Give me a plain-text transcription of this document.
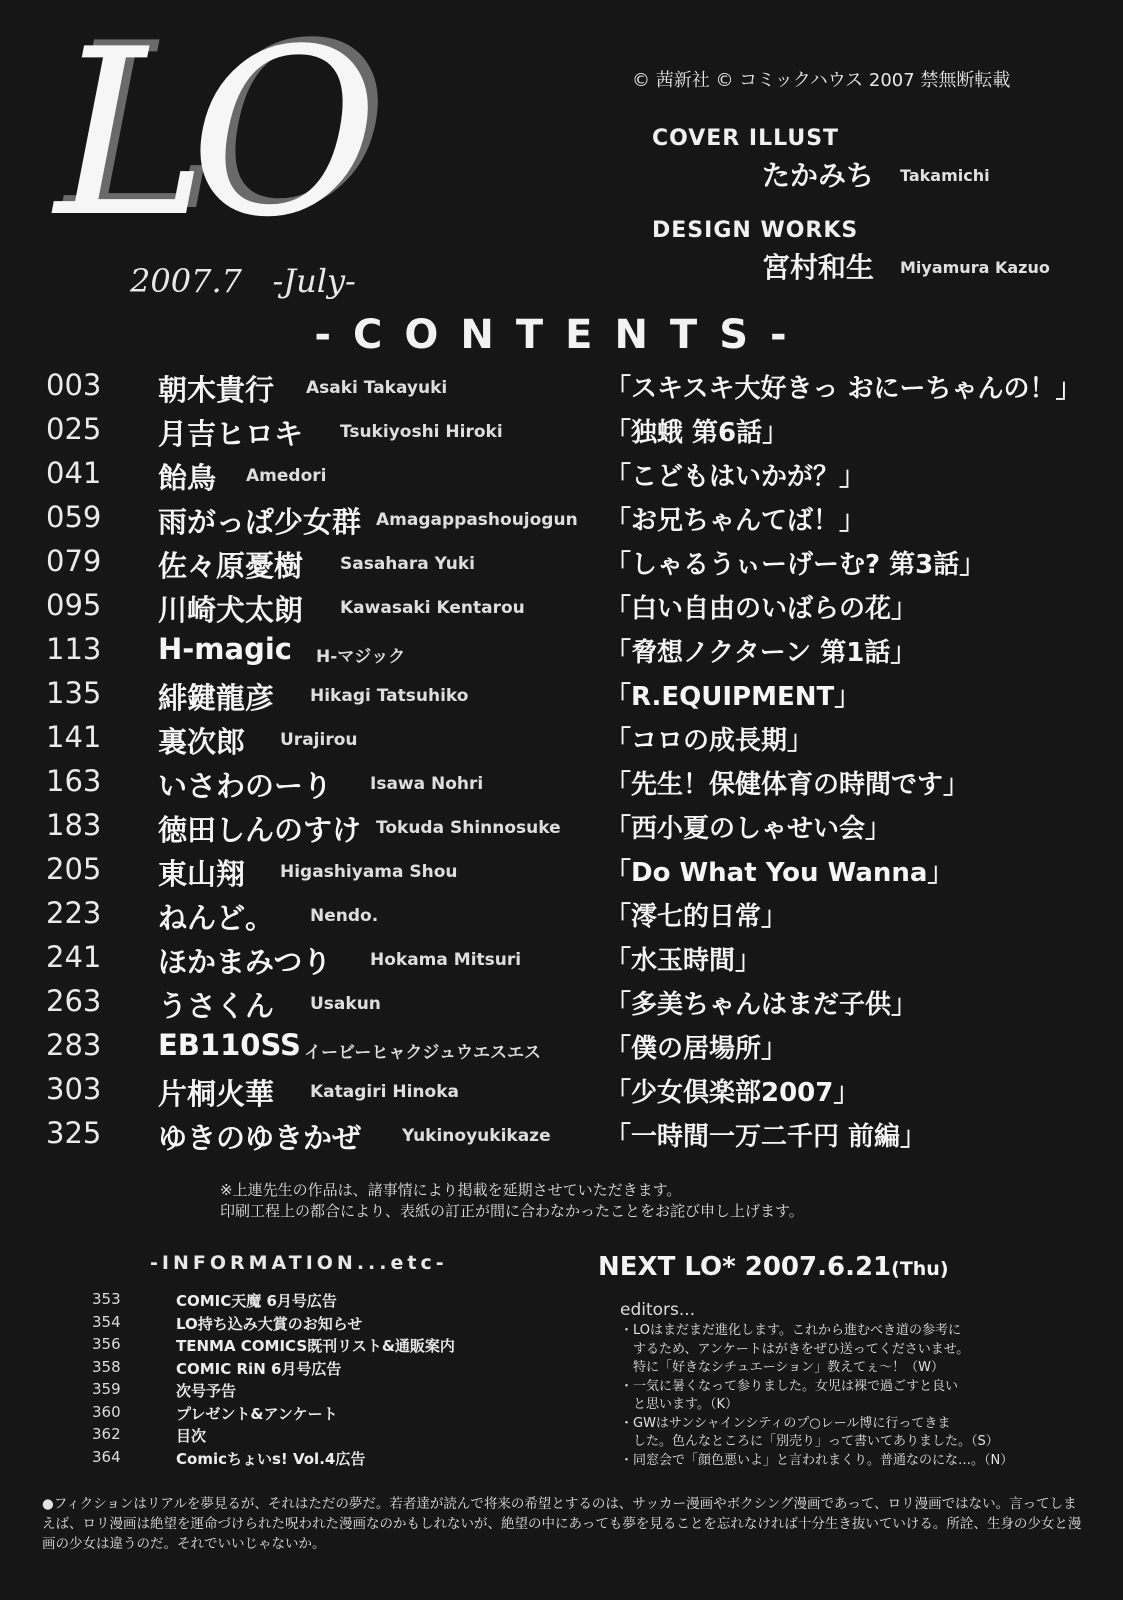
LO
2007.7 -July-
© 茜新社 © コミックハウス 2007 禁無断転載
COVER ILLUST
たかみち Takamichi
DESIGN WORKS
宮村和生 Miyamura Kazuo
-CONTENTS-
003 朝木貴行 Asaki Takayuki	「スキスキ大好きっ おにーちゃんの！」
025 月吉ヒロキ Tsukiyoshi Hiroki	「独蛾 第6話」
041 飴鳥 Amedori	「こどもはいかが？」
059 雨がっぱ少女群 Amagappashoujogun 「お兄ちゃんてば！」
079 佐々原憂樹 Sasahara Yuki	「しゃるうぃーげーむ? 第3話」
095 川崎犬太朗 Kawasaki Kentarou	「白い自由のいばらの花」
113 H-magic H-マジック	「脅想ノクターン 第1話」
135 緋鍵龍彦 Hikagi Tatsuhiko	「R.EQUIPMENT」
141 裏次郎 Urajirou	「コロの成長期」
163 いさわのーり Isawa Nohri	「先生！保健体育の時間です」
183 徳田しんのすけ Tokuda Shinnosuke 「西小夏のしゃせい会」
205 東山翔 Higashiyama Shou	「Do What You Wanna」
223 ねんど。 Nendo.	「澪七的日常」
241 ほかまみつり Hokama Mitsuri	「水玉時間」
263 うさくん Usakun	「多美ちゃんはまだ子供」
283 EB110SS イービーヒャクジュウエスエス 「僕の居場所」
303 片桐火華 Katagiri Hinoka	「少女倶楽部2007」
325 ゆきのゆきかぜ Yukinoyukikaze 「一時間一万二千円 前編」
※上連先生の作品は、諸事情により掲載を延期させていただきます。
印刷工程上の都合により、表紙の訂正が間に合わなかったことをお詫び申し上げます。
-INFORMATION...etc-
353	COMIC天魔 6月号広告
354	LO持ち込み大賞のお知らせ
356	TENMA COMICS既刊リスト&通販案内
358	COMIC RiN 6月号広告
359	次号予告
360	プレゼント&アンケート
362	目次
364	Comicちょいs! Vol.4広告
NEXT LO* 2007.6.21(Thu)
editors...

・LOはまだまだ進化します。これから進むべき道の参考に

　するため、アンケートはがきをぜひ送ってくださいませ。

　特に「好きなシチュエーション」教えてぇ～！（W）

・一気に暑くなって参りました。女児は裸で過ごすと良い

　と思います。（K）

・GWはサンシャインシティのプ○レール博に行ってきま

　した。色んなところに「別売り」って書いてありました。（S）

・同窓会で「顔色悪いよ」と言われまくり。普通なのにな…。（N）

●フィクションはリアルを夢見るが、それはただの夢だ。若者達が読んで将来の希望とするのは、サッカー漫画やボクシング漫画であって、ロリ漫画ではない。言ってしまえば、ロリ漫画は絶望を運命づけられた呪われた漫画なのかもしれないが、絶望の中にあっても夢を見ることを忘れなければ十分生き抜いていける。所詮、生身の少女と漫画の少女は違うのだ。それでいいじゃないか。
